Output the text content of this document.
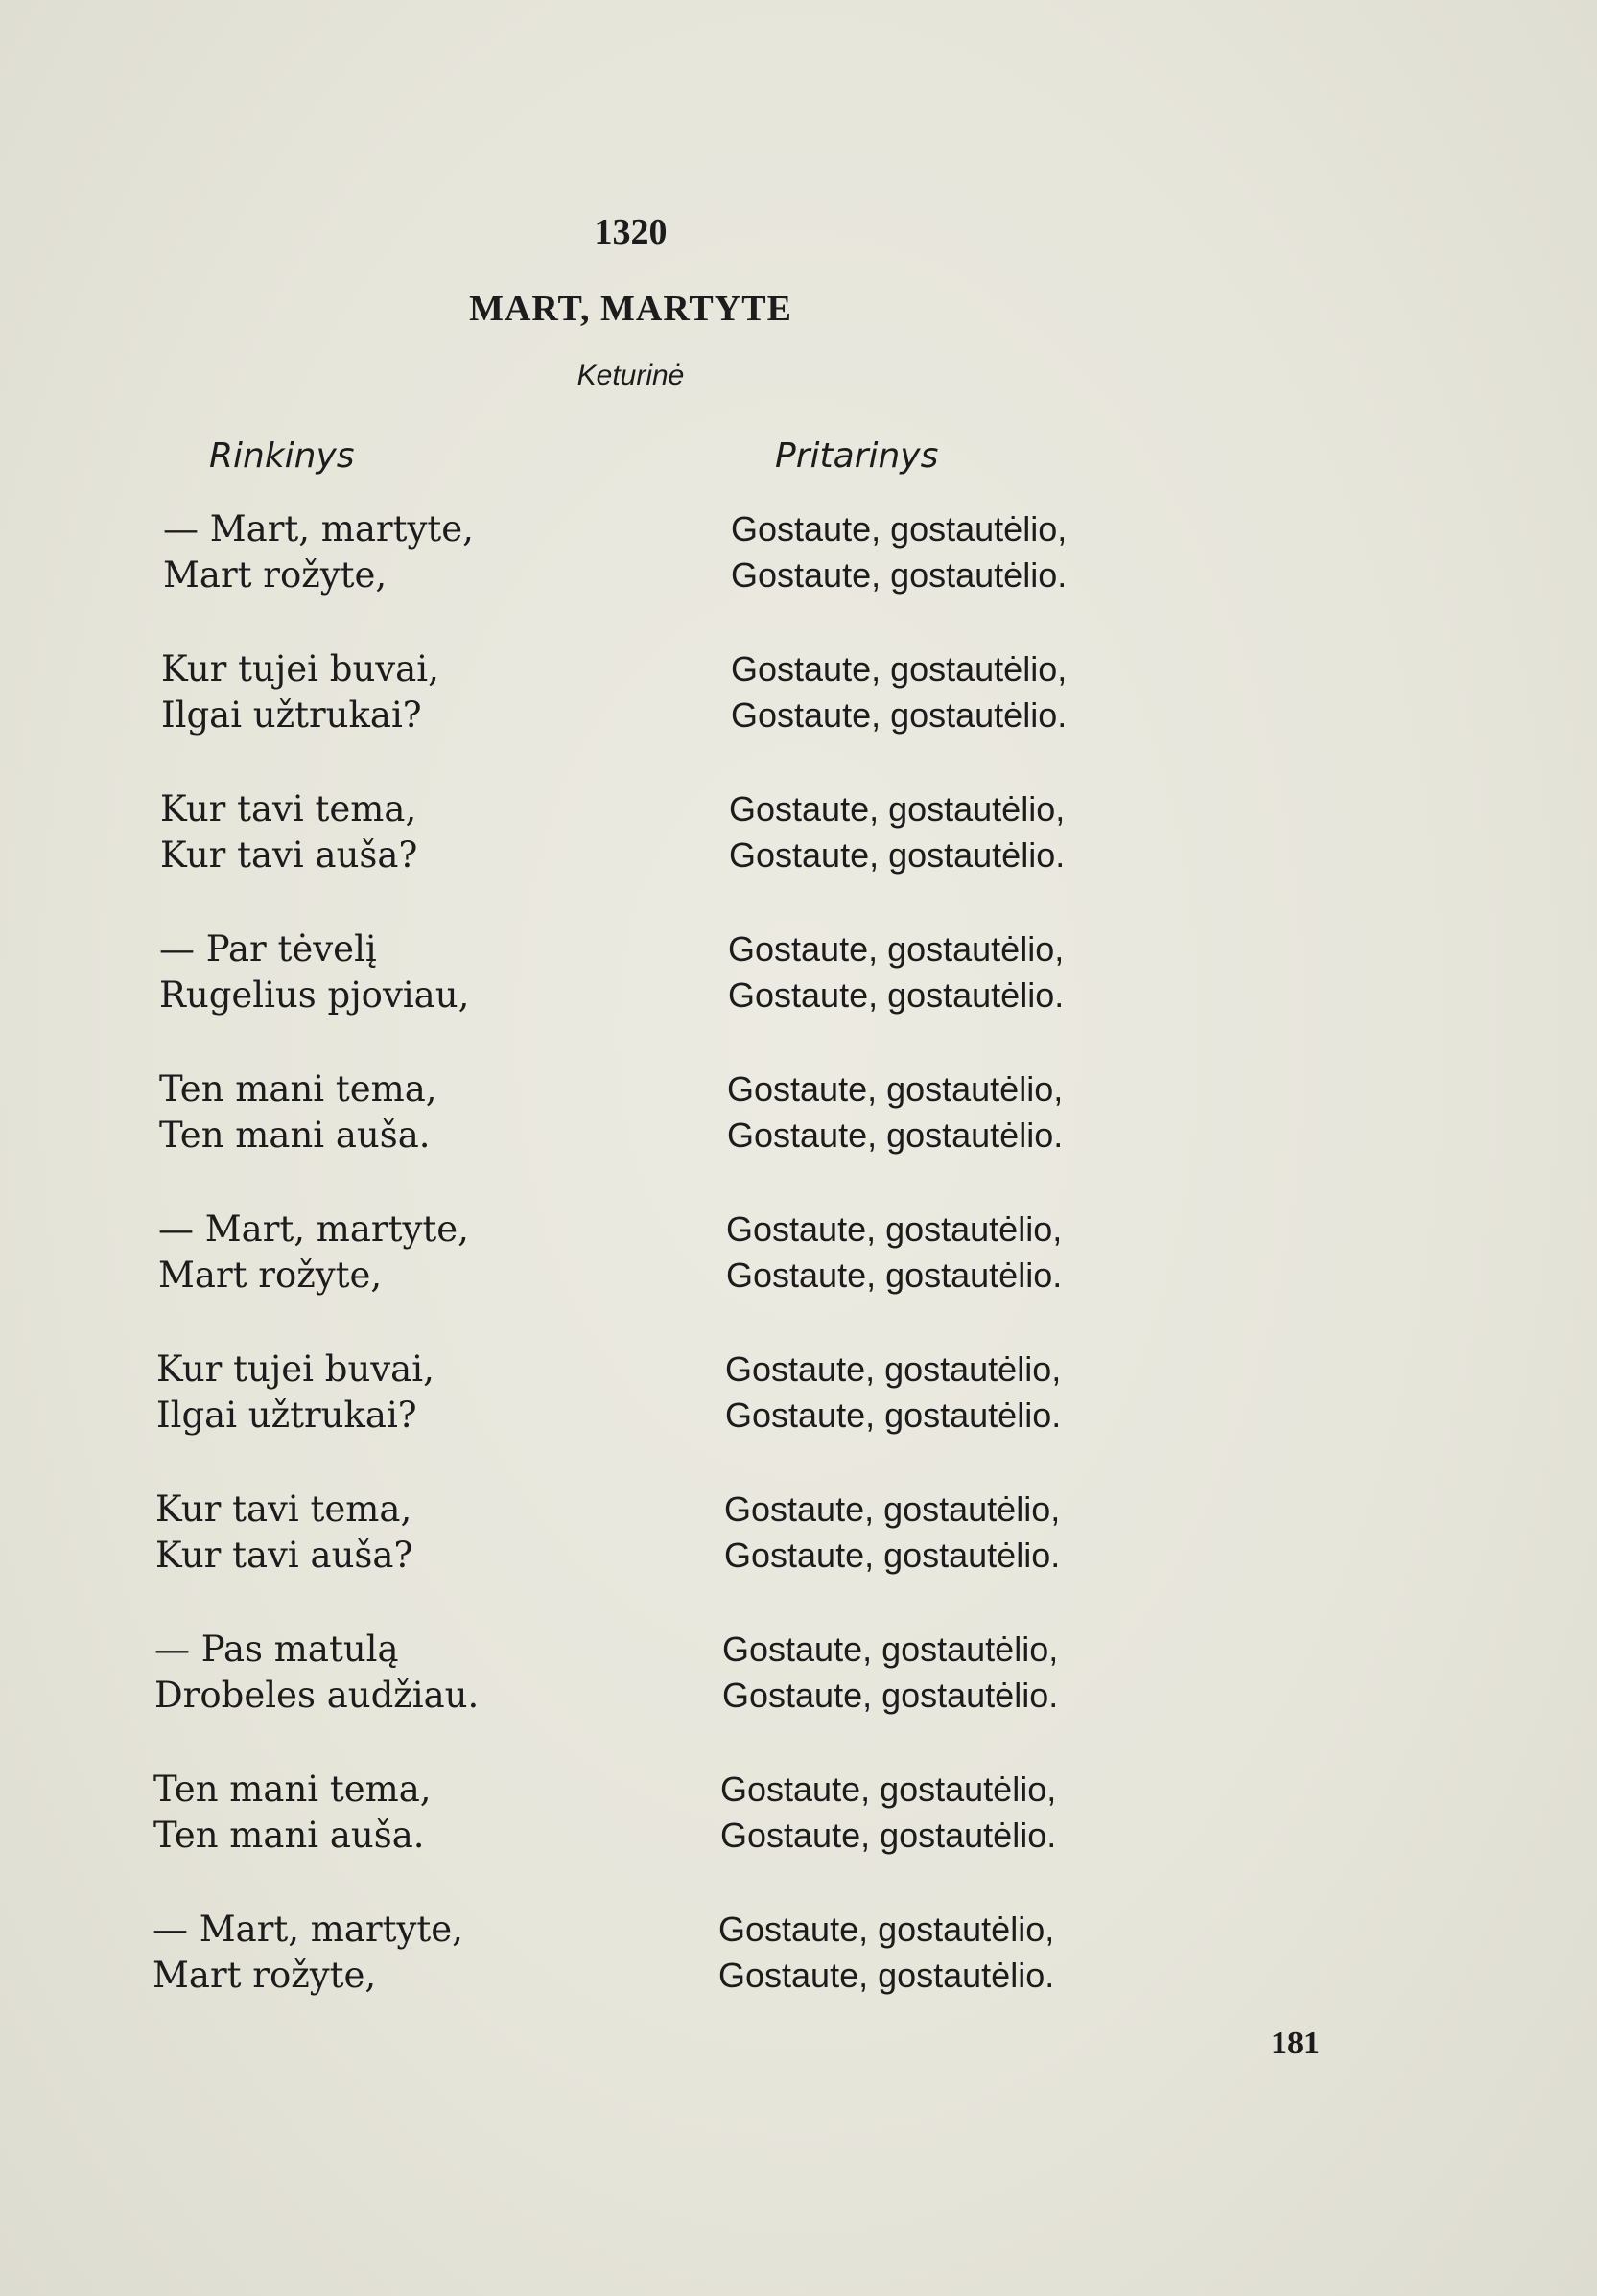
1320
MART, MARTYTE
Keturinė
Rinkinys	Pritarinys
— Mart, martyte,
Mart rožyte,
Gostaute, gostautėlio,
Gostaute, gostautėlio.
Kur tujei buvai,
Ilgai užtrukai?
Gostaute, gostautėlio,
Gostaute, gostautėlio.
Kur tavi tema,
Kur tavi auša?
Gostaute, gostautėlio,
Gostaute, gostautėlio.
— Par tėvelį
Rugelius pjoviau,
Gostaute, gostautėlio,
Gostaute, gostautėlio.
Ten mani tema,
Ten mani auša.
Gostaute, gostautėlio,
Gostaute, gostautėlio.
— Mart, martyte,
Mart rožyte,
Gostaute, gostautėlio,
Gostaute, gostautėlio.
Kur tujei buvai,
Ilgai užtrukai?
Gostaute, gostautėlio,
Gostaute, gostautėlio.
Kur tavi tema,
Kur tavi auša?
Gostaute, gostautėlio,
Gostaute, gostautėlio.
— Pas matulą
Drobeles audžiau.
Gostaute, gostautėlio,
Gostaute, gostautėlio.
Ten mani tema,
Ten mani auša.
Gostaute, gostautėlio,
Gostaute, gostautėlio.
— Mart, martyte,
Mart rožyte,
Gostaute, gostautėlio,
Gostaute, gostautėlio.
181
